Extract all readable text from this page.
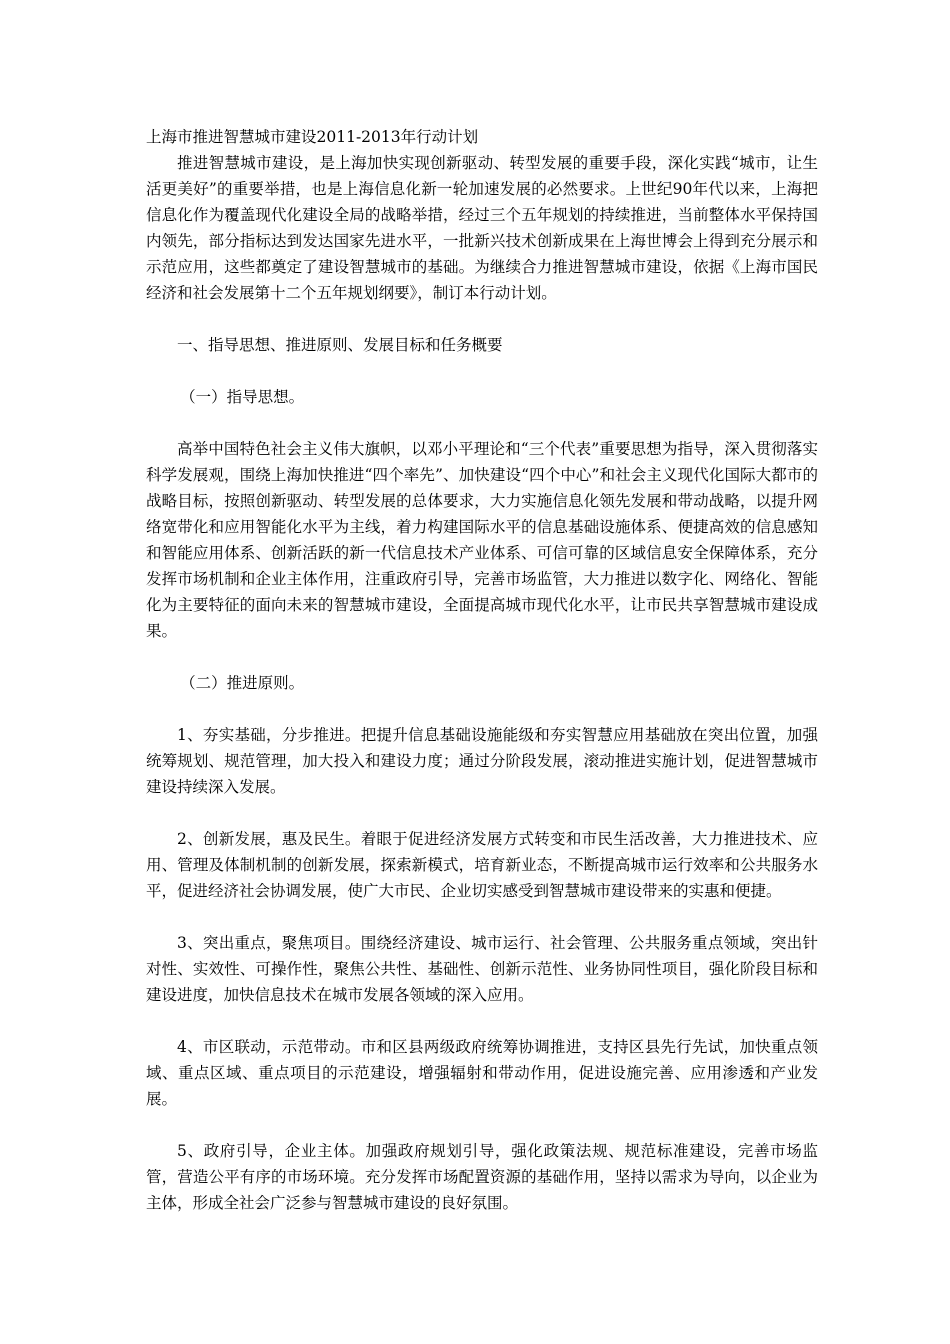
上海市推进智慧城市建设2011-2013年行动计划

推进智慧城市建设，是上海加快实现创新驱动、转型发展的重要手段，深化实践“城市，让生活更美好”的重要举措，也是上海信息化新一轮加速发展的必然要求。上世纪90年代以来，上海把信息化作为覆盖现代化建设全局的战略举措，经过三个五年规划的持续推进，当前整体水平保持国内领先，部分指标达到发达国家先进水平，一批新兴技术创新成果在上海世博会上得到充分展示和示范应用，这些都奠定了建设智慧城市的基础。为继续合力推进智慧城市建设，依据《上海市国民经济和社会发展第十二个五年规划纲要》，制订本行动计划。

一、指导思想、推进原则、发展目标和任务概要

（一）指导思想。

高举中国特色社会主义伟大旗帜，以邓小平理论和“三个代表”重要思想为指导，深入贯彻落实科学发展观，围绕上海加快推进“四个率先”、加快建设“四个中心”和社会主义现代化国际大都市的战略目标，按照创新驱动、转型发展的总体要求，大力实施信息化领先发展和带动战略，以提升网络宽带化和应用智能化水平为主线，着力构建国际水平的信息基础设施体系、便捷高效的信息感知和智能应用体系、创新活跃的新一代信息技术产业体系、可信可靠的区域信息安全保障体系，充分发挥市场机制和企业主体作用，注重政府引导，完善市场监管，大力推进以数字化、网络化、智能化为主要特征的面向未来的智慧城市建设，全面提高城市现代化水平，让市民共享智慧城市建设成果。

（二）推进原则。

1、夯实基础，分步推进。把提升信息基础设施能级和夯实智慧应用基础放在突出位置，加强统筹规划、规范管理，加大投入和建设力度；通过分阶段发展，滚动推进实施计划，促进智慧城市建设持续深入发展。

2、创新发展，惠及民生。着眼于促进经济发展方式转变和市民生活改善，大力推进技术、应用、管理及体制机制的创新发展，探索新模式，培育新业态，不断提高城市运行效率和公共服务水平，促进经济社会协调发展，使广大市民、企业切实感受到智慧城市建设带来的实惠和便捷。

3、突出重点，聚焦项目。围绕经济建设、城市运行、社会管理、公共服务重点领域，突出针对性、实效性、可操作性，聚焦公共性、基础性、创新示范性、业务协同性项目，强化阶段目标和建设进度，加快信息技术在城市发展各领域的深入应用。

4、市区联动，示范带动。市和区县两级政府统筹协调推进，支持区县先行先试，加快重点领域、重点区域、重点项目的示范建设，增强辐射和带动作用，促进设施完善、应用渗透和产业发展。

5、政府引导，企业主体。加强政府规划引导，强化政策法规、规范标准建设，完善市场监管，营造公平有序的市场环境。充分发挥市场配置资源的基础作用，坚持以需求为导向，以企业为主体，形成全社会广泛参与智慧城市建设的良好氛围。
